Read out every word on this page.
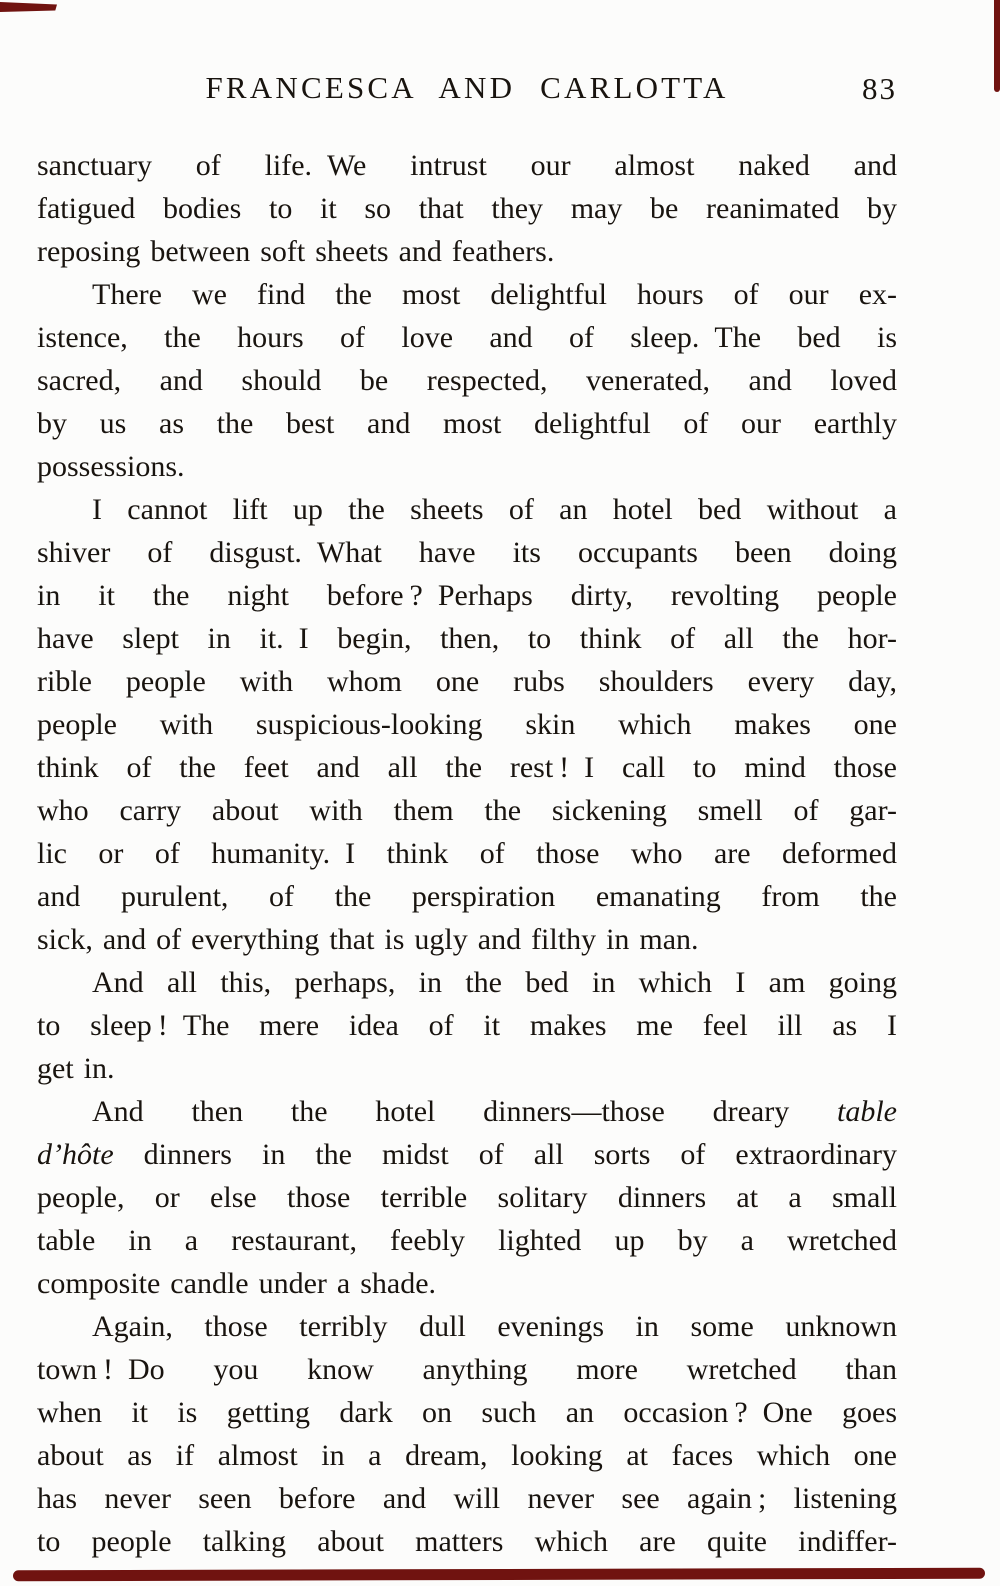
FRANCESCA AND CARLOTTA	83
sanctuary of life. We intrust our almost naked and
fatigued bodies to it so that they may be reanimated by
reposing between soft sheets and feathers.
There we find the most delightful hours of our ex-
istence, the hours of love and of sleep. The bed is
sacred, and should be respected, venerated, and loved
by us as the best and most delightful of our earthly
possessions.
I cannot lift up the sheets of an hotel bed without a
shiver of disgust. What have its occupants been doing
in it the night before ? Perhaps dirty, revolting people
have slept in it. I begin, then, to think of all the hor-
rible people with whom one rubs shoulders every day,
people with suspicious-looking skin which makes one
think of the feet and all the rest ! I call to mind those
who carry about with them the sickening smell of gar-
lic or of humanity. I think of those who are deformed
and purulent, of the perspiration emanating from the
sick, and of everything that is ugly and filthy in man.
And all this, perhaps, in the bed in which I am going
to sleep ! The mere idea of it makes me feel ill as I
get in.
And then the hotel dinners—those dreary table
d’hôte dinners in the midst of all sorts of extraordinary
people, or else those terrible solitary dinners at a small
table in a restaurant, feebly lighted up by a wretched
composite candle under a shade.
Again, those terribly dull evenings in some unknown
town ! Do you know anything more wretched than
when it is getting dark on such an occasion ? One goes
about as if almost in a dream, looking at faces which one
has never seen before and will never see again ; listening
to people talking about matters which are quite indiffer-
